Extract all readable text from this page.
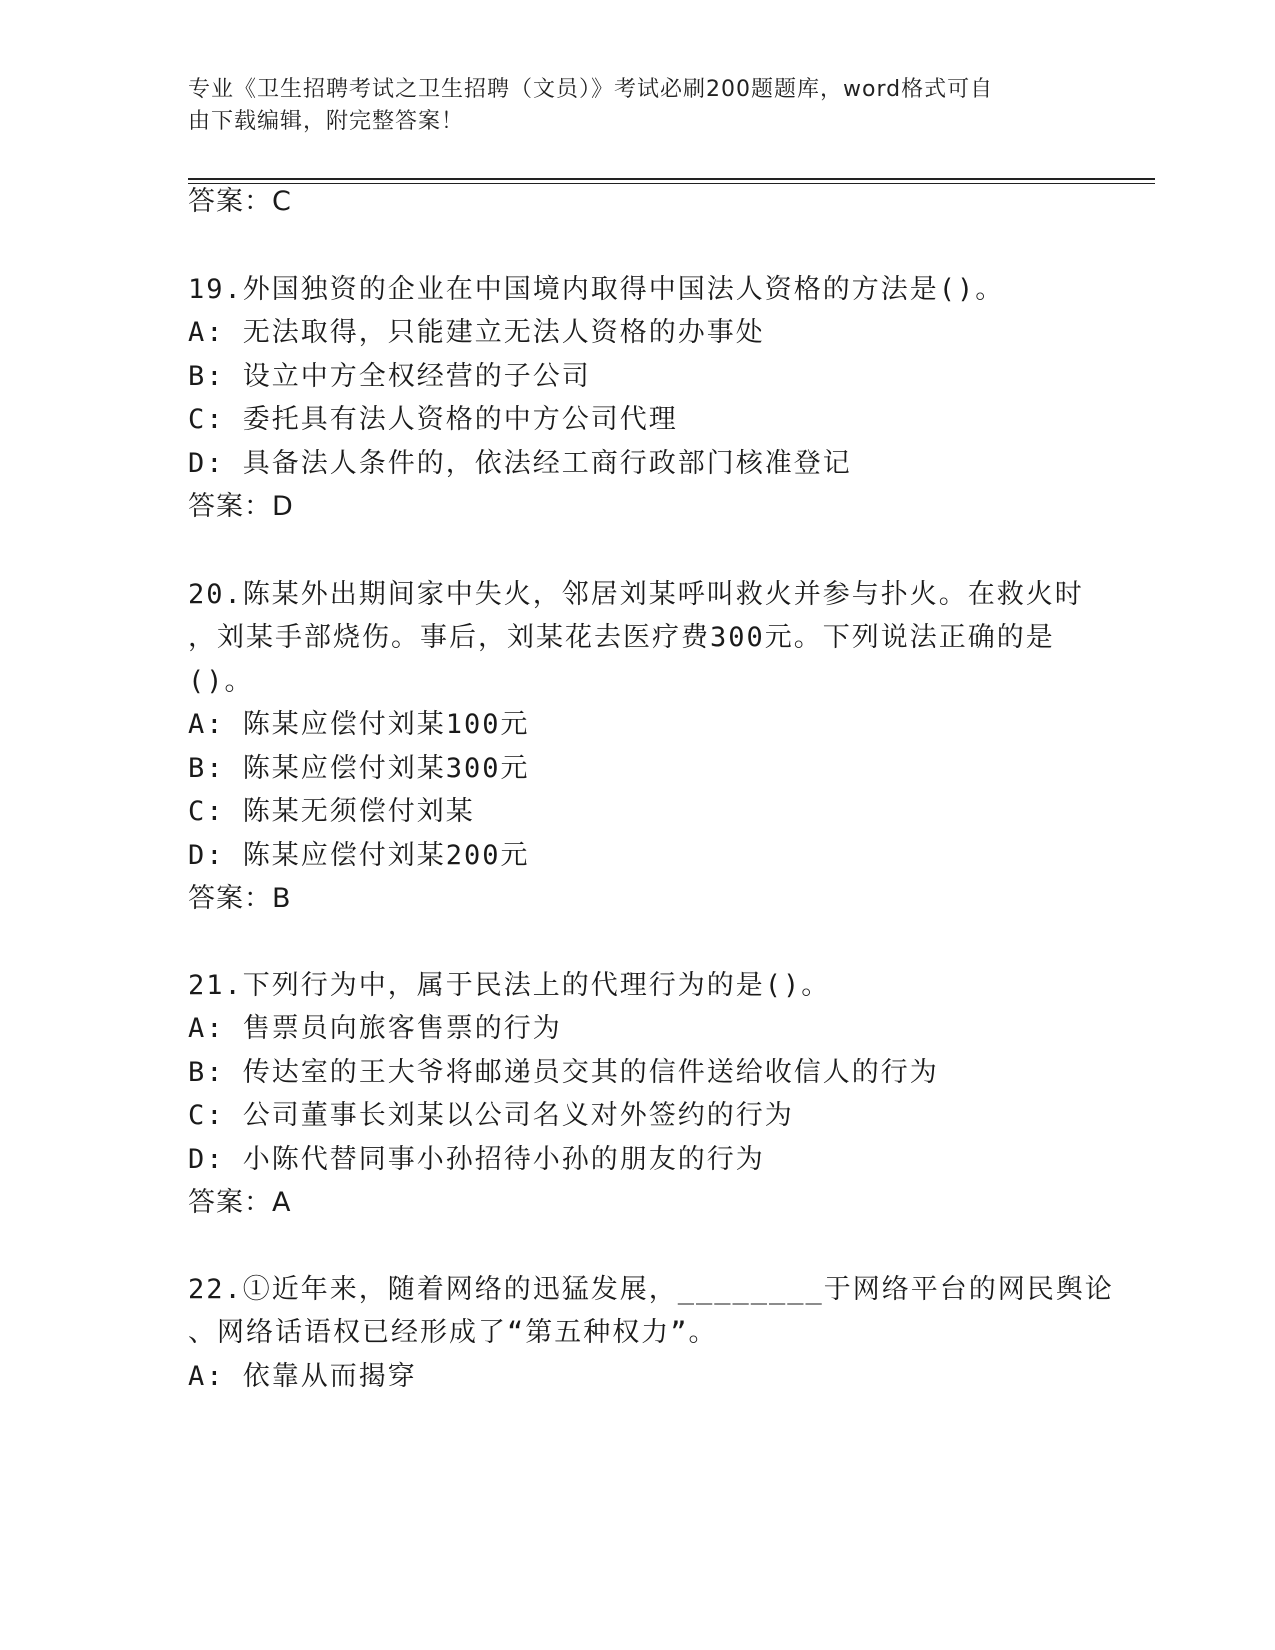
专业《卫生招聘考试之卫生招聘（文员）》考试必刷200题题库，word格式可自
由下载编辑，附完整答案！
答案：C
19.外国独资的企业在中国境内取得中国法人资格的方法是()。
A: 无法取得，只能建立无法人资格的办事处
B: 设立中方全权经营的子公司
C: 委托具有法人资格的中方公司代理
D: 具备法人条件的，依法经工商行政部门核准登记
答案：D
20.陈某外出期间家中失火，邻居刘某呼叫救火并参与扑火。在救火时
，刘某手部烧伤。事后，刘某花去医疗费300元。下列说法正确的是
()。
A: 陈某应偿付刘某100元
B: 陈某应偿付刘某300元
C: 陈某无须偿付刘某
D: 陈某应偿付刘某200元
答案：B
21.下列行为中，属于民法上的代理行为的是()。
A: 售票员向旅客售票的行为
B: 传达室的王大爷将邮递员交其的信件送给收信人的行为
C: 公司董事长刘某以公司名义对外签约的行为
D: 小陈代替同事小孙招待小孙的朋友的行为
答案：A
22.①近年来，随着网络的迅猛发展，________于网络平台的网民舆论
、网络话语权已经形成了“第五种权力”。
A: 依靠从而揭穿
